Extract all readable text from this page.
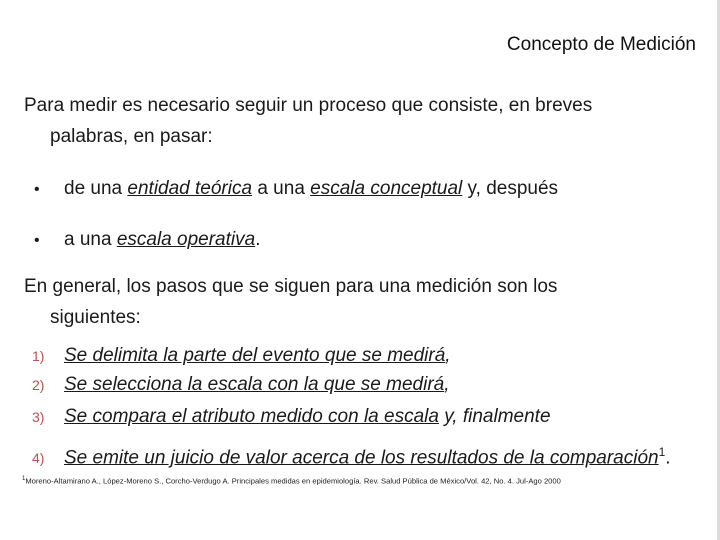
Concepto de Medición

Para medir es necesario seguir un proceso que consiste, en breves
palabras, en pasar:

• de una entidad teórica a una escala conceptual y, después
• a una escala operativa.

En general, los pasos que se siguen para una medición son los
siguientes:

1) Se delimita la parte del evento que se medirá,
2) Se selecciona la escala con la que se medirá,
3) Se compara el atributo medido con la escala y, finalmente
4) Se emite un juicio de valor acerca de los resultados de la comparación$^1$.
$^1$Moreno-Altamirano A., López-Moreno S., Corcho-Verdugo A. Principales medidas en epidemiología. Rev. Salud Pública de México/Vol. 42, No. 4. Jul-Ago 2000
